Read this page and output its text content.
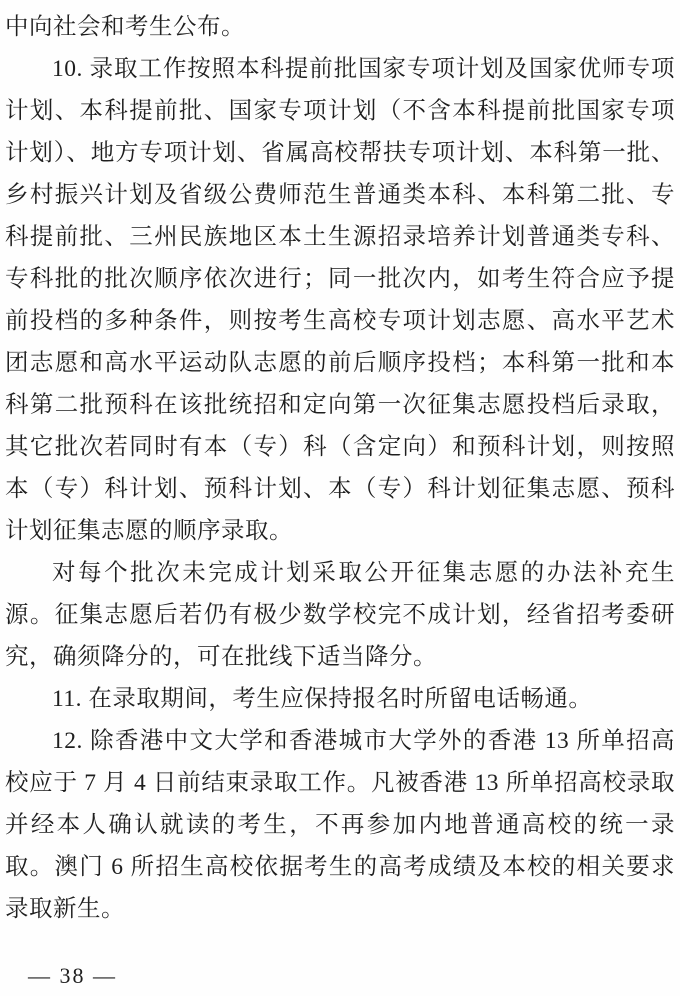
中向社会和考生公布。

10. 录取工作按照本科提前批国家专项计划及国家优师专项计划、本科提前批、国家专项计划（不含本科提前批国家专项计划）、地方专项计划、省属高校帮扶专项计划、本科第一批、乡村振兴计划及省级公费师范生普通类本科、本科第二批、专科提前批、三州民族地区本土生源招录培养计划普通类专科、专科批的批次顺序依次进行；同一批次内，如考生符合应予提前投档的多种条件，则按考生高校专项计划志愿、高水平艺术团志愿和高水平运动队志愿的前后顺序投档；本科第一批和本科第二批预科在该批统招和定向第一次征集志愿投档后录取，其它批次若同时有本（专）科（含定向）和预科计划，则按照本（专）科计划、预科计划、本（专）科计划征集志愿、预科计划征集志愿的顺序录取。

对每个批次未完成计划采取公开征集志愿的办法补充生源。征集志愿后若仍有极少数学校完不成计划，经省招考委研究，确须降分的，可在批线下适当降分。

11. 在录取期间，考生应保持报名时所留电话畅通。

12. 除香港中文大学和香港城市大学外的香港 13 所单招高校应于 7 月 4 日前结束录取工作。凡被香港 13 所单招高校录取并经本人确认就读的考生，不再参加内地普通高校的统一录取。澳门 6 所招生高校依据考生的高考成绩及本校的相关要求录取新生。

— 38 —
